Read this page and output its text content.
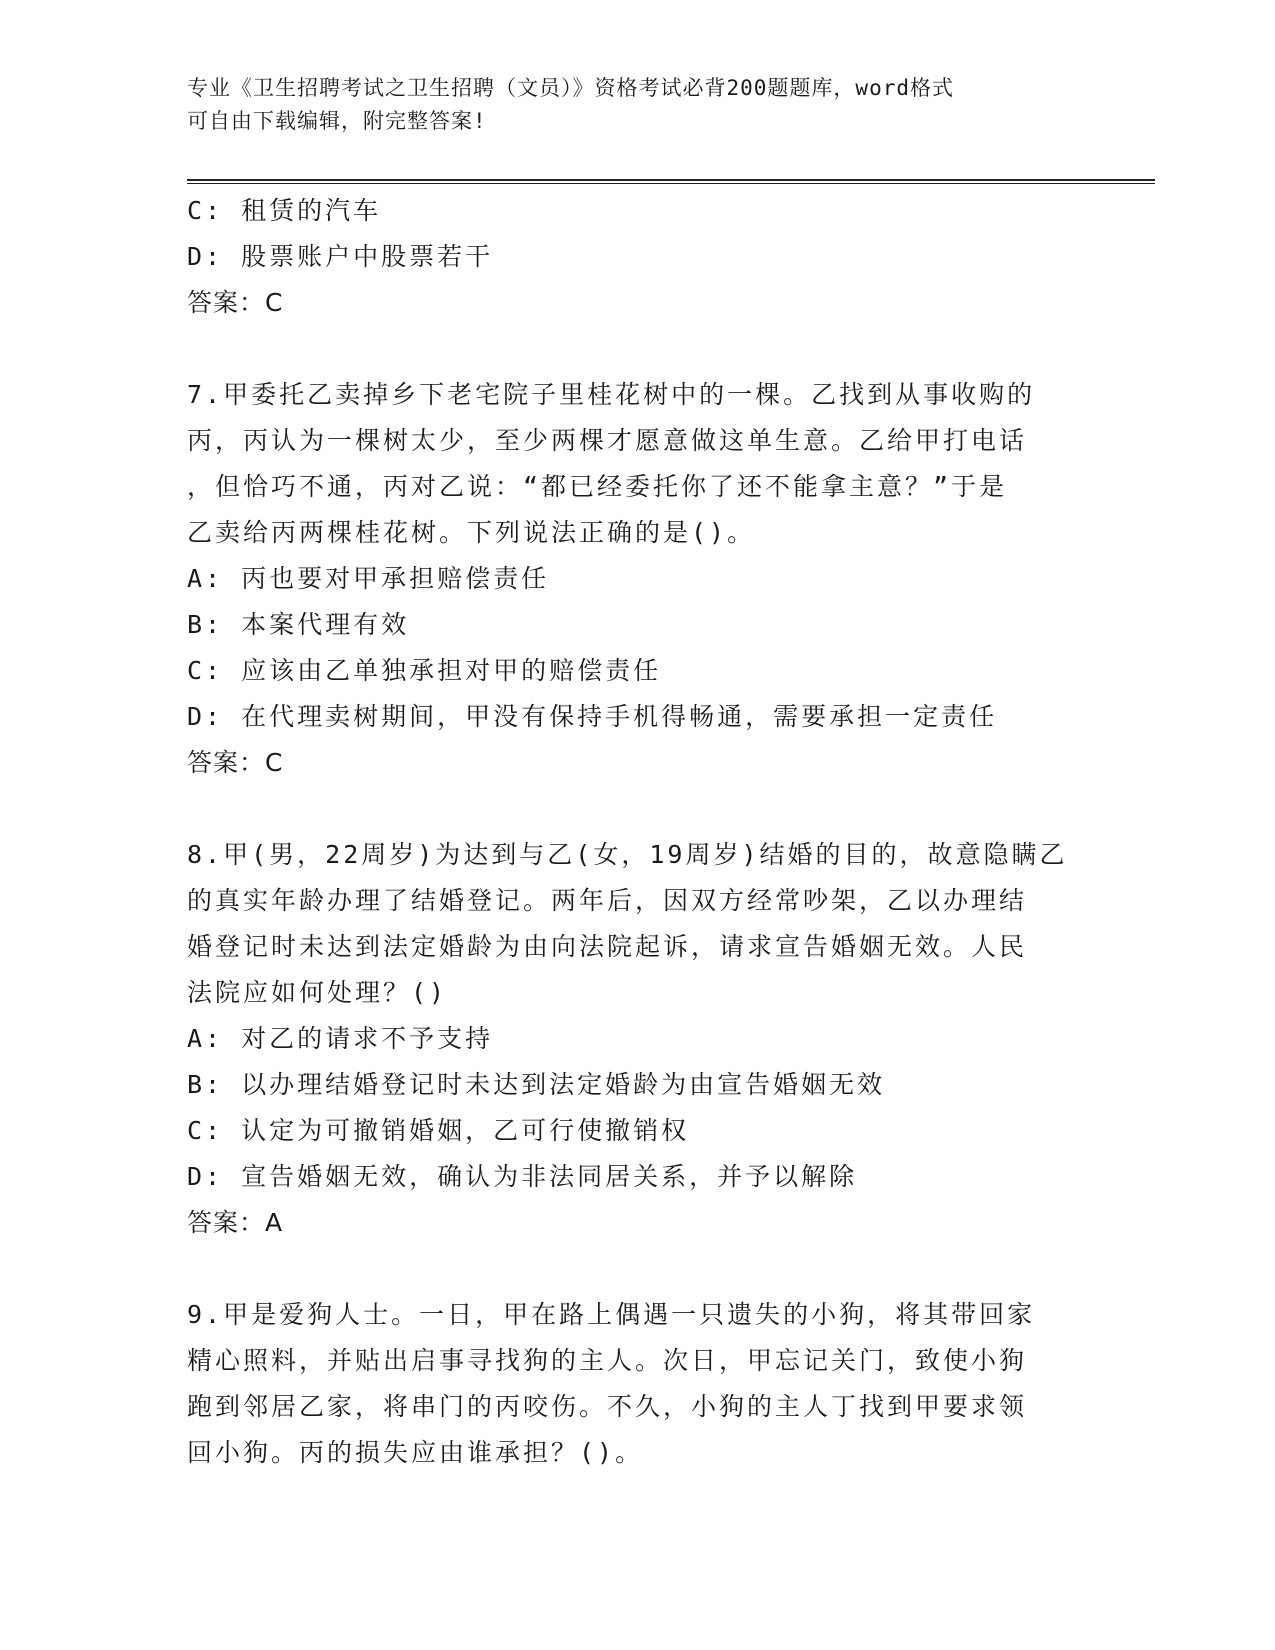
专业《卫生招聘考试之卫生招聘（文员）》资格考试必背200题题库，word格式
可自由下载编辑，附完整答案!
C: 租赁的汽车
D: 股票账户中股票若干
答案：C
7.甲委托乙卖掉乡下老宅院子里桂花树中的一棵。乙找到从事收购的
丙，丙认为一棵树太少，至少两棵才愿意做这单生意。乙给甲打电话
，但恰巧不通，丙对乙说：“都已经委托你了还不能拿主意？”于是
乙卖给丙两棵桂花树。下列说法正确的是()。
A: 丙也要对甲承担赔偿责任
B: 本案代理有效
C: 应该由乙单独承担对甲的赔偿责任
D: 在代理卖树期间，甲没有保持手机得畅通，需要承担一定责任
答案：C
8.甲(男，22周岁)为达到与乙(女，19周岁)结婚的目的，故意隐瞒乙
的真实年龄办理了结婚登记。两年后，因双方经常吵架，乙以办理结
婚登记时未达到法定婚龄为由向法院起诉，请求宣告婚姻无效。人民
法院应如何处理？()
A: 对乙的请求不予支持
B: 以办理结婚登记时未达到法定婚龄为由宣告婚姻无效
C: 认定为可撤销婚姻，乙可行使撤销权
D: 宣告婚姻无效，确认为非法同居关系，并予以解除
答案：A
9.甲是爱狗人士。一日，甲在路上偶遇一只遗失的小狗，将其带回家
精心照料，并贴出启事寻找狗的主人。次日，甲忘记关门，致使小狗
跑到邻居乙家，将串门的丙咬伤。不久，小狗的主人丁找到甲要求领
回小狗。丙的损失应由谁承担？()。
